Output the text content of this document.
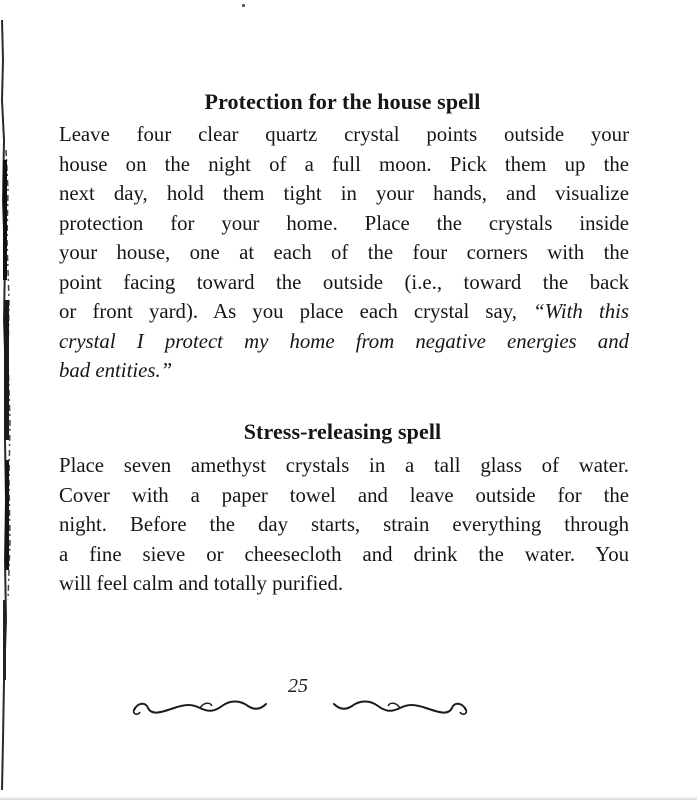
Protection for the house spell

Leave four clear quartz crystal points outside your
house on the night of a full moon. Pick them up the
next day, hold them tight in your hands, and visualize
protection for your home. Place the crystals inside
your house, one at each of the four corners with the
point facing toward the outside (i.e., toward the back
or front yard). As you place each crystal say, “With this
crystal I protect my home from negative energies and
bad entities.”

Stress-releasing spell

Place seven amethyst crystals in a tall glass of water.
Cover with a paper towel and leave outside for the
night. Before the day starts, strain everything through
a fine sieve or cheesecloth and drink the water. You
will feel calm and totally purified.

25
